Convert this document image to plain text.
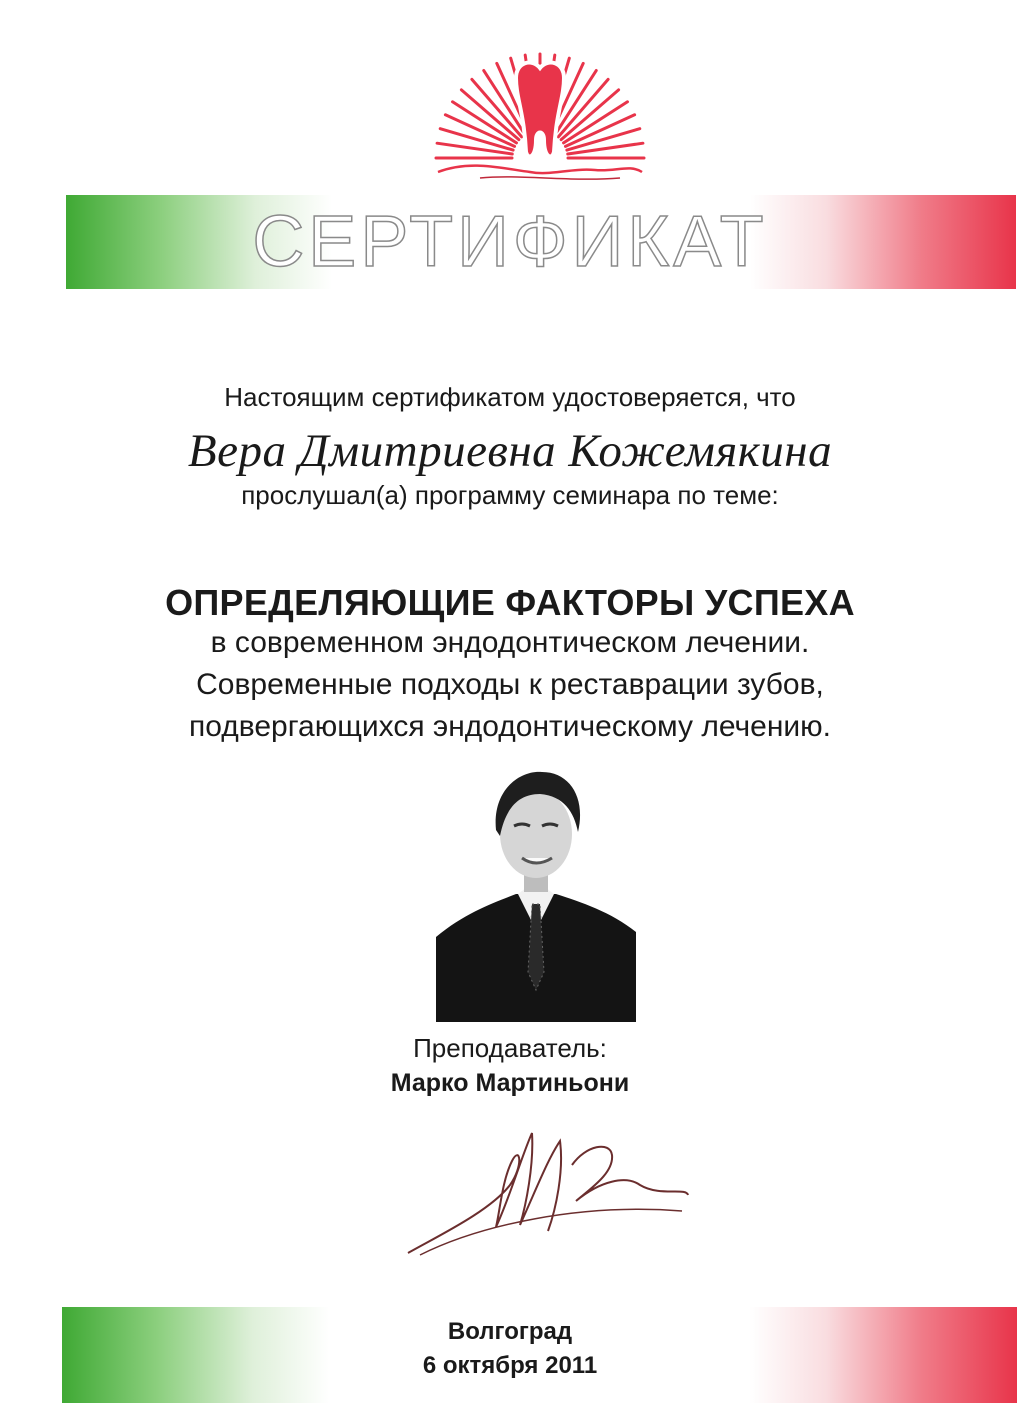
СЕРТИФИКАТ

Настоящим сертификатом удостоверяется, что

Вера Дмитриевна Кожемякина

прослушал(а) программу семинара по теме:

ОПРЕДЕЛЯЮЩИЕ ФАКТОРЫ УСПЕХА

в современном эндодонтическом лечении.

Современные подходы к реставрации зубов,

подвергающихся эндодонтическому лечению.

Преподаватель:

Марко Мартиньони

Волгоград

6 октября 2011
